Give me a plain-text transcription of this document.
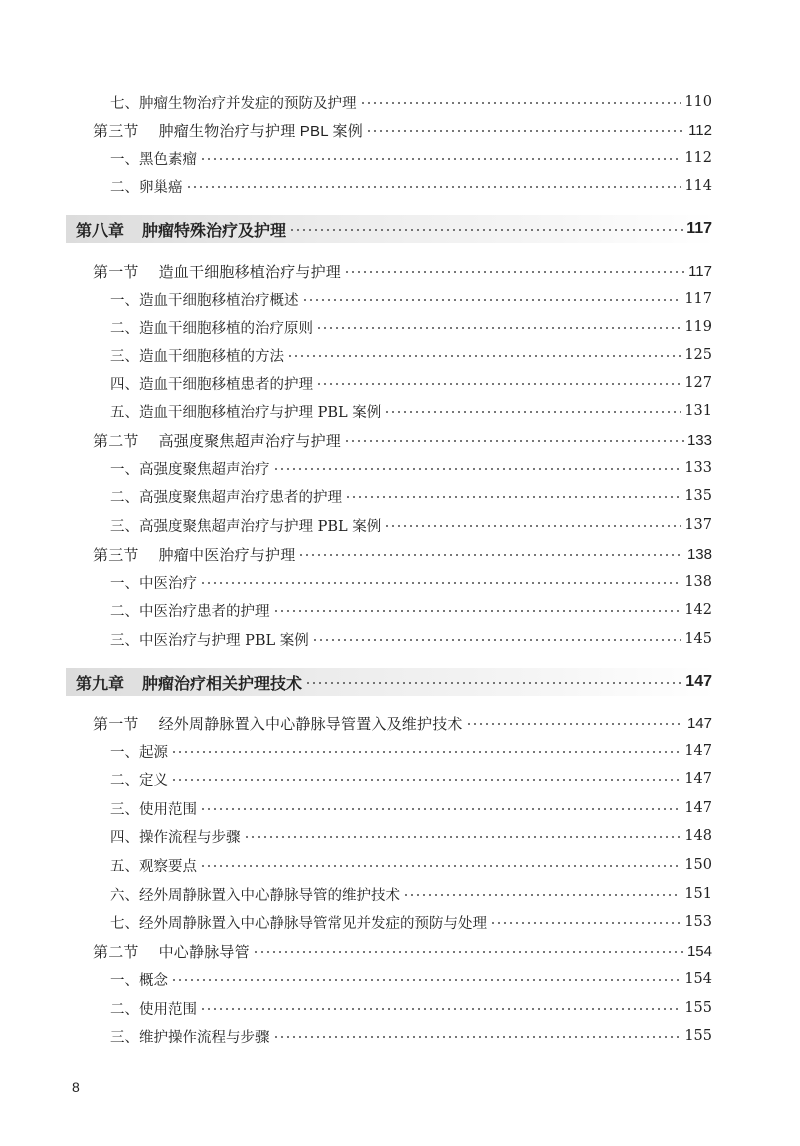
七、肿瘤生物治疗并发症的预防及护理	110
第三节 肿瘤生物治疗与护理 PBL 案例	112
一、黑色素瘤	112
二、卵巢癌	114
第八章 肿瘤特殊治疗及护理	117
第一节 造血干细胞移植治疗与护理	117
一、造血干细胞移植治疗概述	117
二、造血干细胞移植的治疗原则	119
三、造血干细胞移植的方法	125
四、造血干细胞移植患者的护理	127
五、造血干细胞移植治疗与护理 PBL 案例	131
第二节 高强度聚焦超声治疗与护理	133
一、高强度聚焦超声治疗	133
二、高强度聚焦超声治疗患者的护理	135
三、高强度聚焦超声治疗与护理 PBL 案例	137
第三节 肿瘤中医治疗与护理	138
一、中医治疗	138
二、中医治疗患者的护理	142
三、中医治疗与护理 PBL 案例	145
第九章 肿瘤治疗相关护理技术	147
第一节 经外周静脉置入中心静脉导管置入及维护技术	147
一、起源	147
二、定义	147
三、使用范围	147
四、操作流程与步骤	148
五、观察要点	150
六、经外周静脉置入中心静脉导管的维护技术	151
七、经外周静脉置入中心静脉导管常见并发症的预防与处理	153
第二节 中心静脉导管	154
一、概念	154
二、使用范围	155
三、维护操作流程与步骤	155
8
